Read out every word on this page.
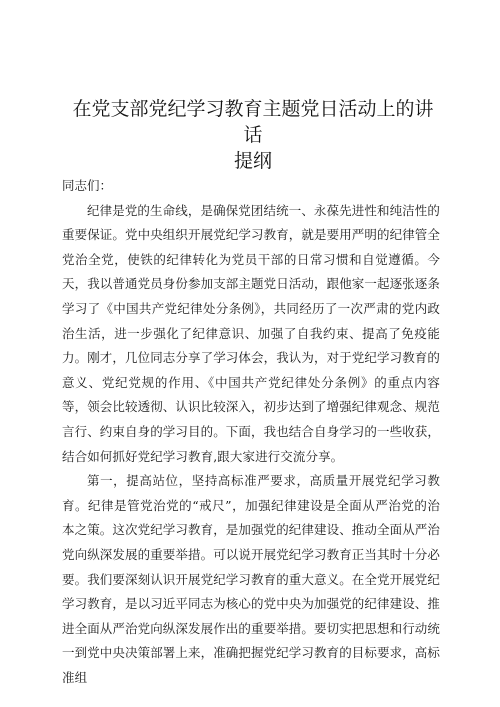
在党支部党纪学习教育主题党日活动上的讲话
提纲

同志们：

纪律是党的生命线，是确保党团结统一、永葆先进性和纯洁性的重要保证。党中央组织开展党纪学习教育，就是要用严明的纪律管全党治全党，使铁的纪律转化为党员干部的日常习惯和自觉遵循。今天，我以普通党员身份参加支部主题党日活动，跟他家一起逐张逐条学习了《中国共产党纪律处分条例》，共同经历了一次严肃的党内政治生活，进一步强化了纪律意识、加强了自我约束、提高了免疫能力。刚才，几位同志分享了学习体会，我认为，对于党纪学习教育的意义、党纪党规的作用、《中国共产党纪律处分条例》的重点内容等，领会比较透彻、认识比较深入，初步达到了增强纪律观念、规范言行、约束自身的学习目的。下面，我也结合自身学习的一些收获，结合如何抓好党纪学习教育,跟大家进行交流分享。

第一，提高站位，坚持高标准严要求，高质量开展党纪学习教育。纪律是管党治党的“戒尺”，加强纪律建设是全面从严治党的治本之策。这次党纪学习教育，是加强党的纪律建设、推动全面从严治党向纵深发展的重要举措。可以说开展党纪学习教育正当其时十分必要。我们要深刻认识开展党纪学习教育的重大意义。在全党开展党纪学习教育，是以习近平同志为核心的党中央为加强党的纪律建设、推进全面从严治党向纵深发展作出的重要举措。要切实把思想和行动统一到党中央决策部署上来，准确把握党纪学习教育的目标要求，高标准组
